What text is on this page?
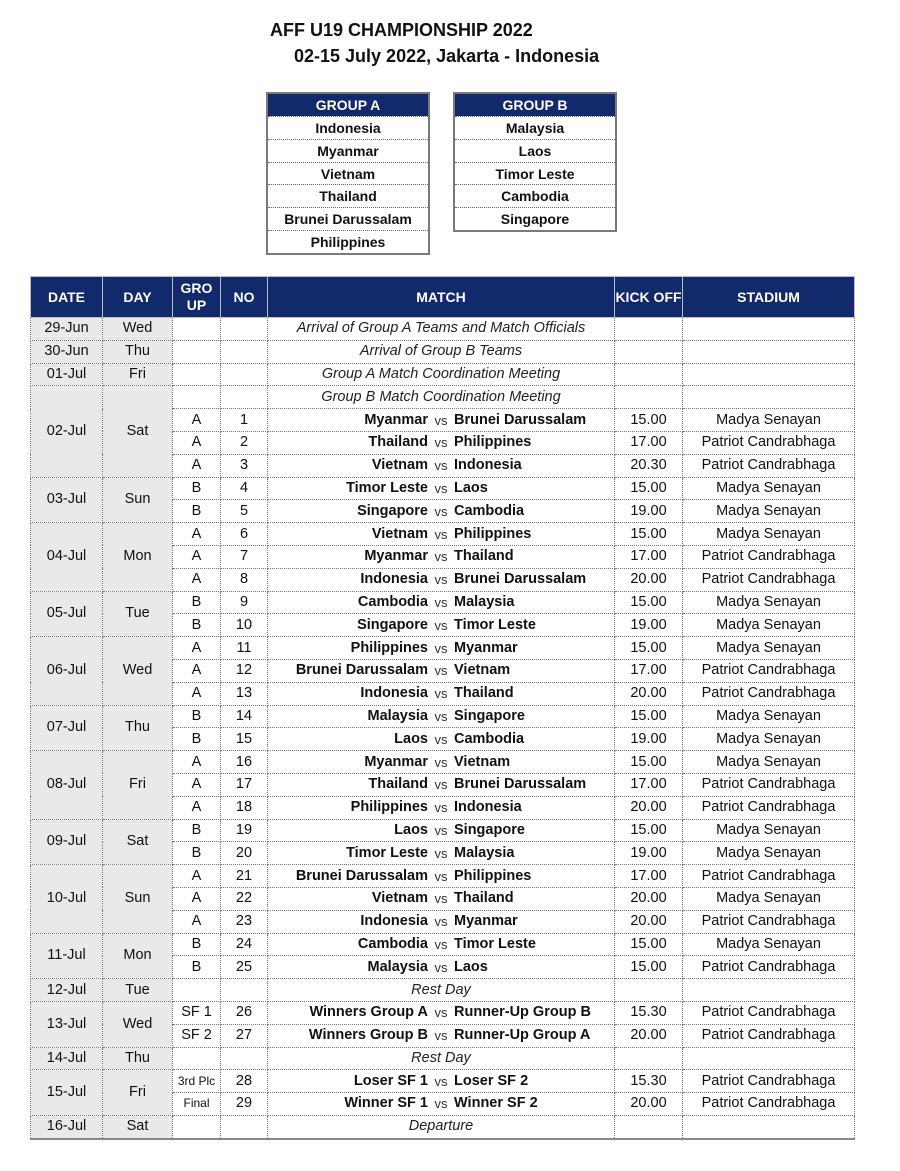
AFF U19 CHAMPIONSHIP 2022
02-15 July 2022, Jakarta - Indonesia
GROUP A
Indonesia
Myanmar
Vietnam
Thailand
Brunei Darussalam
Philippines
GROUP B
Malaysia
Laos
Timor Leste
Cambodia
Singapore
DATE	DAY	GRO UP	NO	MATCH	KICK OFF	STADIUM
29-Jun	Wed			Arrival of Group A Teams and Match Officials		
30-Jun	Thu			Arrival of Group B Teams		
01-Jul	Fri			Group A Match Coordination Meeting		
02-Jul	Sat			Group B Match Coordination Meeting		
		A	1	Myanmar vs Brunei Darussalam	15.00	Madya Senayan
		A	2	Thailand vs Philippines	17.00	Patriot Candrabhaga
		A	3	Vietnam vs Indonesia	20.30	Patriot Candrabhaga
03-Jul	Sun	B	4	Timor Leste vs Laos	15.00	Madya Senayan
		B	5	Singapore vs Cambodia	19.00	Madya Senayan
04-Jul	Mon	A	6	Vietnam vs Philippines	15.00	Madya Senayan
		A	7	Myanmar vs Thailand	17.00	Patriot Candrabhaga
		A	8	Indonesia vs Brunei Darussalam	20.00	Patriot Candrabhaga
05-Jul	Tue	B	9	Cambodia vs Malaysia	15.00	Madya Senayan
		B	10	Singapore vs Timor Leste	19.00	Madya Senayan
06-Jul	Wed	A	11	Philippines vs Myanmar	15.00	Madya Senayan
		A	12	Brunei Darussalam vs Vietnam	17.00	Patriot Candrabhaga
		A	13	Indonesia vs Thailand	20.00	Patriot Candrabhaga
07-Jul	Thu	B	14	Malaysia vs Singapore	15.00	Madya Senayan
		B	15	Laos vs Cambodia	19.00	Madya Senayan
08-Jul	Fri	A	16	Myanmar vs Vietnam	15.00	Madya Senayan
		A	17	Thailand vs Brunei Darussalam	17.00	Patriot Candrabhaga
		A	18	Philippines vs Indonesia	20.00	Patriot Candrabhaga
09-Jul	Sat	B	19	Laos vs Singapore	15.00	Madya Senayan
		B	20	Timor Leste vs Malaysia	19.00	Madya Senayan
10-Jul	Sun	A	21	Brunei Darussalam vs Philippines	17.00	Patriot Candrabhaga
		A	22	Vietnam vs Thailand	20.00	Madya Senayan
		A	23	Indonesia vs Myanmar	20.00	Patriot Candrabhaga
11-Jul	Mon	B	24	Cambodia vs Timor Leste	15.00	Madya Senayan
		B	25	Malaysia vs Laos	15.00	Patriot Candrabhaga
12-Jul	Tue			Rest Day		
13-Jul	Wed	SF 1	26	Winners Group A vs Runner-Up Group B	15.30	Patriot Candrabhaga
		SF 2	27	Winners Group B vs Runner-Up Group A	20.00	Patriot Candrabhaga
14-Jul	Thu			Rest Day		
15-Jul	Fri	3rd Plc	28	Loser SF 1 vs Loser SF 2	15.30	Patriot Candrabhaga
		Final	29	Winner SF 1 vs Winner SF 2	20.00	Patriot Candrabhaga
16-Jul	Sat			Departure		
